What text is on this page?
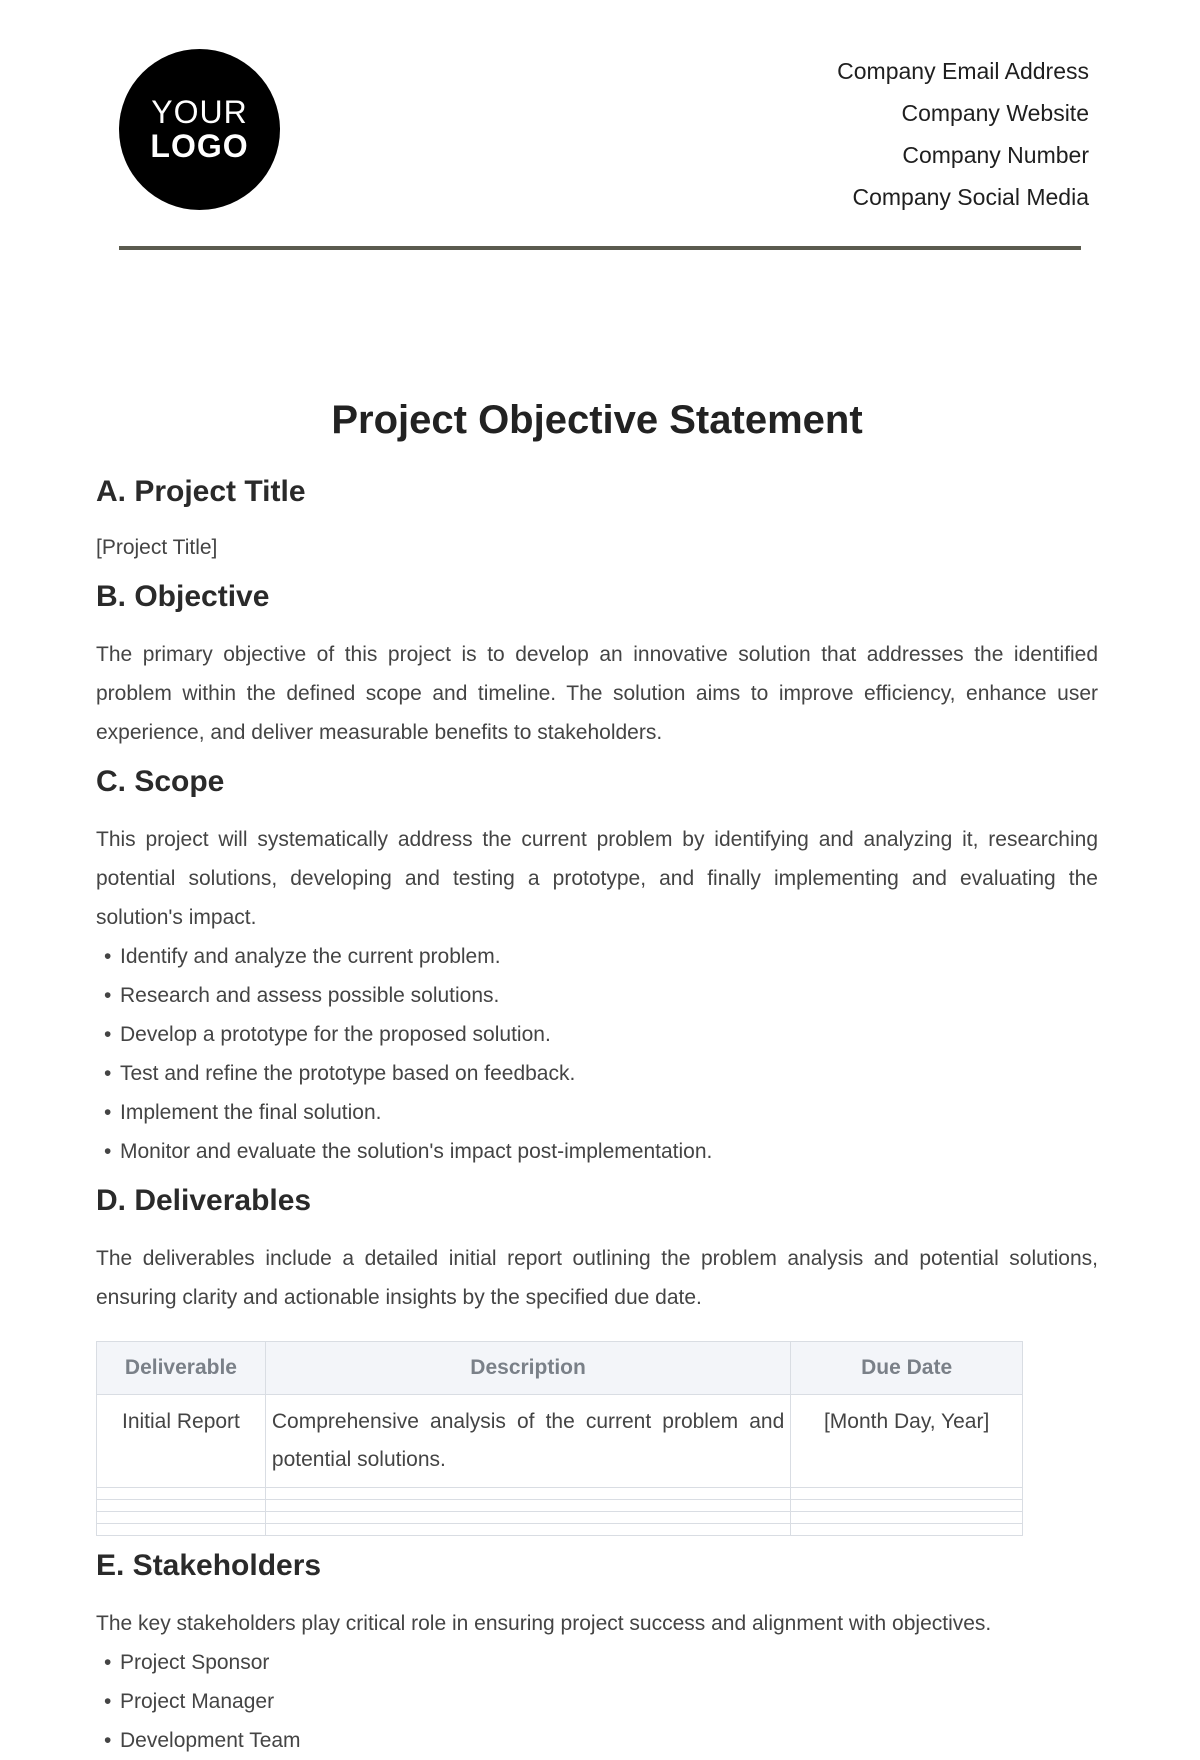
YOUR
LOGO
Company Email Address
Company Website
Company Number
Company Social Media
Project Objective Statement
A. Project Title

[Project Title]

B. Objective

The primary objective of this project is to develop an innovative solution that addresses the identified problem within the defined scope and timeline. The solution aims to improve efficiency, enhance user experience, and deliver measurable benefits to stakeholders.

C. Scope

This project will systematically address the current problem by identifying and analyzing it, researching potential solutions, developing and testing a prototype, and finally implementing and evaluating the solution's impact.

• Identify and analyze the current problem.
• Research and assess possible solutions.
• Develop a prototype for the proposed solution.
• Test and refine the prototype based on feedback.
• Implement the final solution.
• Monitor and evaluate the solution's impact post-implementation.
D. Deliverables

The deliverables include a detailed initial report outlining the problem analysis and potential solutions, ensuring clarity and actionable insights by the specified due date.

Deliverable	Description	Due Date
Initial Report	Comprehensive analysis of the current problem and potential solutions.	[Month Day, Year]

E. Stakeholders

The key stakeholders play critical role in ensuring project success and alignment with objectives.

• Project Sponsor
• Project Manager
• Development Team
